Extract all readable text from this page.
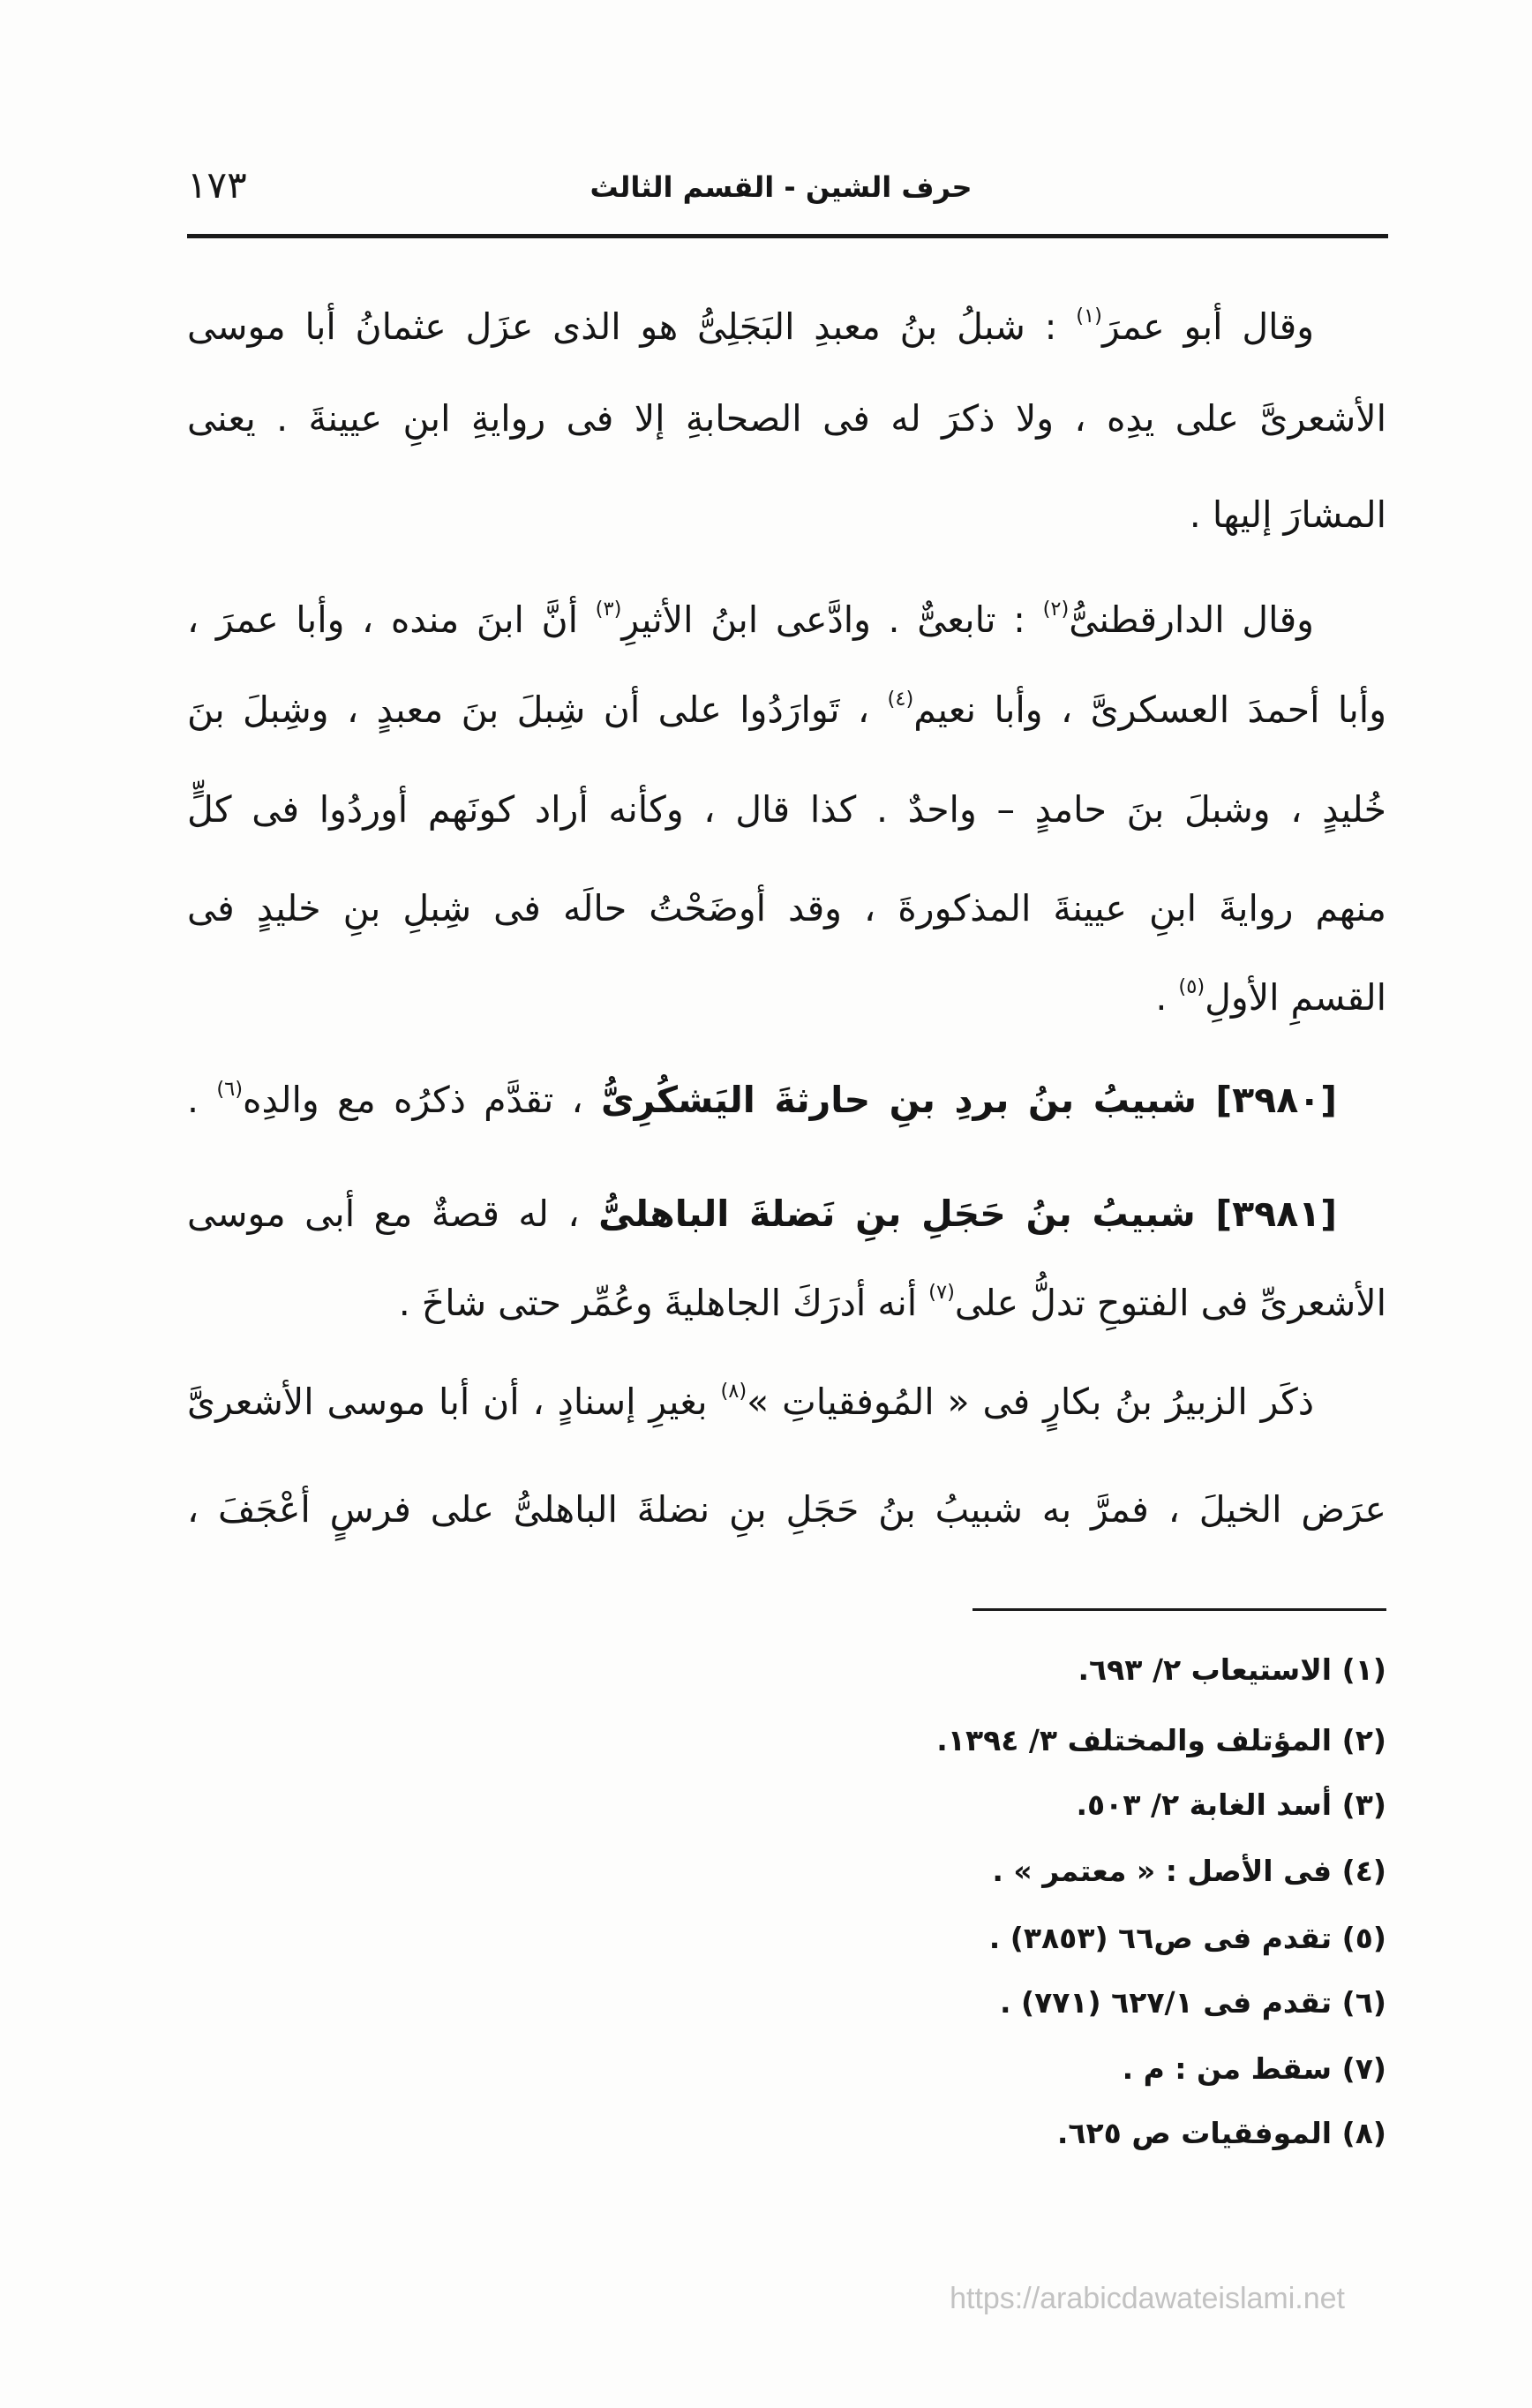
حرف الشين - القسم الثالث
١٧٣
وقال أبو عمرَ$^{(١)}$ : شبلُ بنُ معبدِ البَجَلِىُّ هو الذى عزَل عثمانُ أبا موسى
الأشعرىَّ على يدِه ، ولا ذكرَ له فى الصحابةِ إلا فى روايةِ ابنِ عيينةَ . يعنى
المشارَ إليها .
وقال الدارقطنىُّ$^{(٢)}$ : تابعىٌّ . وادَّعى ابنُ الأثيرِ$^{(٣)}$ أنَّ ابنَ منده ، وأبا عمرَ ،
وأبا أحمدَ العسكرىَّ ، وأبا نعيم$^{(٤)}$ ، تَوارَدُوا على أن شِبلَ بنَ معبدٍ ، وشِبلَ بنَ
خُليدٍ ، وشبلَ بنَ حامدٍ – واحدٌ . كذا قال ، وكأنه أراد كونَهم أوردُوا فى كلٍّ
منهم روايةَ ابنِ عيينةَ المذكورةَ ، وقد أوضَحْتُ حالَه فى شِبلِ بنِ خليدٍ فى
القسمِ الأولِ$^{(٥)}$ .
[٣٩٨٠] شبيبُ بنُ بردِ بنِ حارثةَ اليَشكُرِىُّ ، تقدَّم ذكرُه مع والدِه$^{(٦)}$ .
[٣٩٨١] شبيبُ بنُ حَجَلِ بنِ نَضلةَ الباهلىُّ ، له قصةٌ مع أبى موسى
الأشعرىِّ فى الفتوحِ تدلُّ على$^{(٧)}$ أنه أدرَكَ الجاهليةَ وعُمِّر حتى شاخَ .
ذكَر الزبيرُ بنُ بكارٍ فى « المُوفقياتِ »$^{(٨)}$ بغيرِ إسنادٍ ، أن أبا موسى الأشعرىَّ
عرَض الخيلَ ، فمرَّ به شبيبُ بنُ حَجَلِ بنِ نضلةَ الباهلىُّ على فرسٍ أعْجَفَ ،
(١)الاستيعاب ٢/ ٦٩٣.
(٢)المؤتلف والمختلف ٣/ ١٣٩٤.
(٣)أسد الغابة ٢/ ٥٠٣.
(٤)فى الأصل : « معتمر » .
(٥)تقدم فى ص٦٦ (٣٨٥٣) .
(٦)تقدم فى ٦٢٧/١ (٧٧١) .
(٧)سقط من : م .
(٨)الموفقيات ص ٦٢٥.
https://arabicdawateislami.net
